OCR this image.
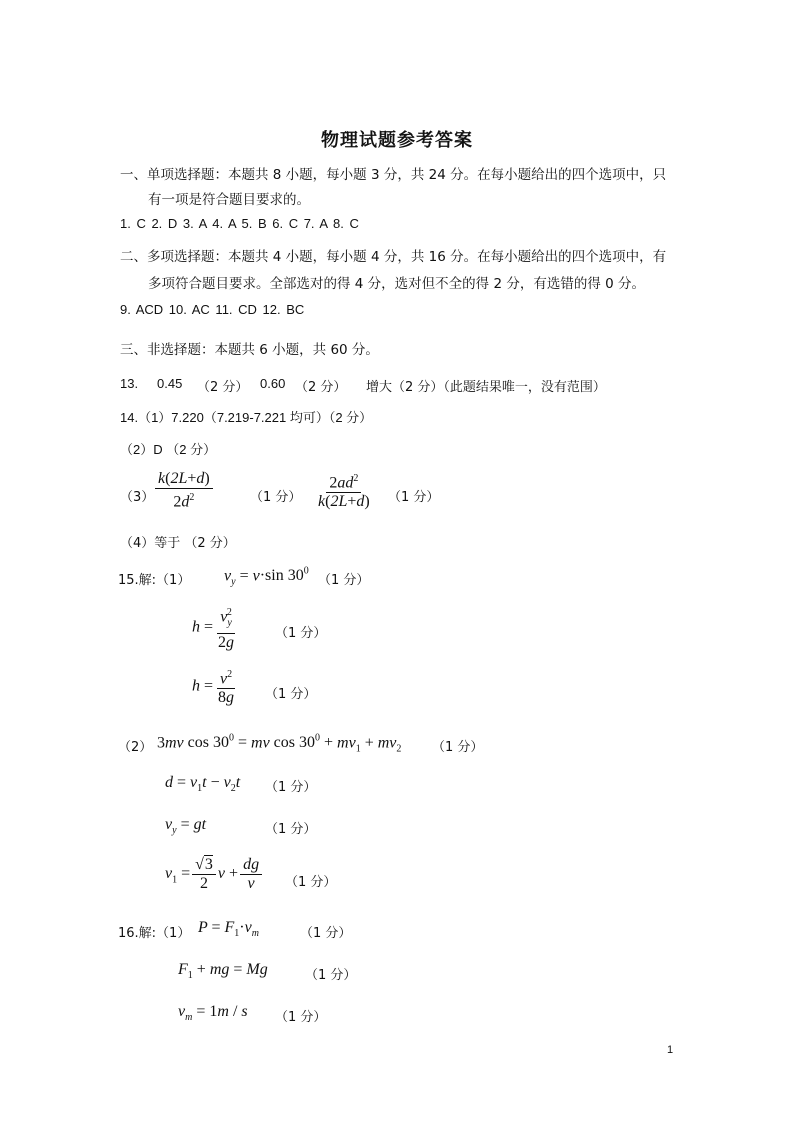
物理试题参考答案
一、单项选择题：本题共 8 小题，每小题 3 分，共 24 分。在每小题给出的四个选项中，只
有一项是符合题目要求的。
1. C 2. D 3. A 4. A 5. B 6. C 7. A 8. C
二、多项选择题：本题共 4 小题，每小题 4 分，共 16 分。在每小题给出的四个选项中，有
多项符合题目要求。全部选对的得 4 分，选对但不全的得 2 分，有选错的得 0 分。
9. ACD 10. AC 11. CD 12. BC
三、非选择题：本题共 6 小题，共 60 分。
13. 0.45 （2 分） 0.60 （2 分） 增大（2 分）（此题结果唯一，没有范围）
14.（1）7.220（7.219-7.221 均可）（2 分）
（2）D （2 分）
$(3) \frac{k(2L+d)}{2d^2}$	（1 分） $\frac{2ad^2}{k(2L+d)} (1$ 分）
（4）等于 （2 分）
15.解:（1） $v_y = v\cdot\sin$ $30^0$
（1 分）
$h = \frac{v_y^2}{2g}$	（1 分）
$h = \frac{v^2}{8g} (1$ 分）
（2） 3mv $\cos 30^0$ = mv $\cos 30^0 + mv_1 + mv_2$ （1 分）
$d = v_1t - v_2t$ （1 分）
$v_y$ = gt	（1 分）
$v_1 = \frac{√3}{2}$ $v + \frac{dg}{v} (1$ 分）
16.解:（1） $P = F_1\cdot v_m$	（1 分）
$F_1$ + mg = Mg	（1 分）
$v_m = 1m / s$ （1 分）
1
